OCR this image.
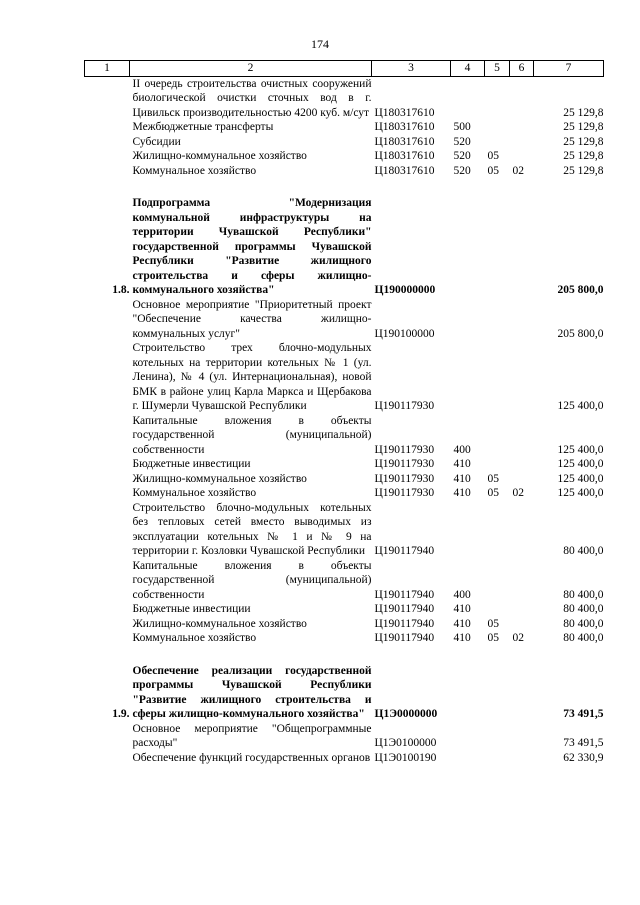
174
1	2	3	4	5	6	7
	II очередь строительства очистных сооружений биологической очистки сточных вод в г. Цивильск производительностью 4200 куб. м/сут	Ц180317610				25 129,8
	Межбюджетные трансферты	Ц180317610	500			25 129,8
	Субсидии	Ц180317610	520			25 129,8
	Жилищно-коммунальное хозяйство	Ц180317610	520	05		25 129,8
	Коммунальное хозяйство	Ц180317610	520	05	02	25 129,8

1.8.	Подпрограмма "Модернизация коммунальной инфраструктуры на территории Чувашской Республики" государственной программы Чувашской Республики "Развитие жилищного строительства и сферы жилищно-коммунального хозяйства"	Ц190000000				205 800,0
	Основное мероприятие "Приоритетный проект "Обеспечение качества жилищно-коммунальных услуг"	Ц190100000				205 800,0
	Строительство трех блочно-модульных котельных на территории котельных № 1 (ул. Ленина), № 4 (ул. Интернациональная), новой БМК в районе улиц Карла Маркса и Щербакова г. Шумерли Чувашской Республики	Ц190117930				125 400,0
	Капитальные вложения в объекты государственной (муниципальной) собственности	Ц190117930	400			125 400,0
	Бюджетные инвестиции	Ц190117930	410			125 400,0
	Жилищно-коммунальное хозяйство	Ц190117930	410	05		125 400,0
	Коммунальное хозяйство	Ц190117930	410	05	02	125 400,0
	Строительство блочно-модульных котельных без тепловых сетей вместо выводимых из эксплуатации котельных № 1 и № 9 на территории г. Козловки Чувашской Республики	Ц190117940				80 400,0
	Капитальные вложения в объекты государственной (муниципальной) собственности	Ц190117940	400			80 400,0
	Бюджетные инвестиции	Ц190117940	410			80 400,0
	Жилищно-коммунальное хозяйство	Ц190117940	410	05		80 400,0
	Коммунальное хозяйство	Ц190117940	410	05	02	80 400,0

1.9.	Обеспечение реализации государственной программы Чувашской Республики "Развитие жилищного строительства и сферы жилищно-коммунального хозяйства"	Ц1Э0000000				73 491,5
	Основное мероприятие "Общепрограммные расходы"	Ц1Э0100000				73 491,5
	Обеспечение функций государственных органов	Ц1Э0100190				62 330,9
